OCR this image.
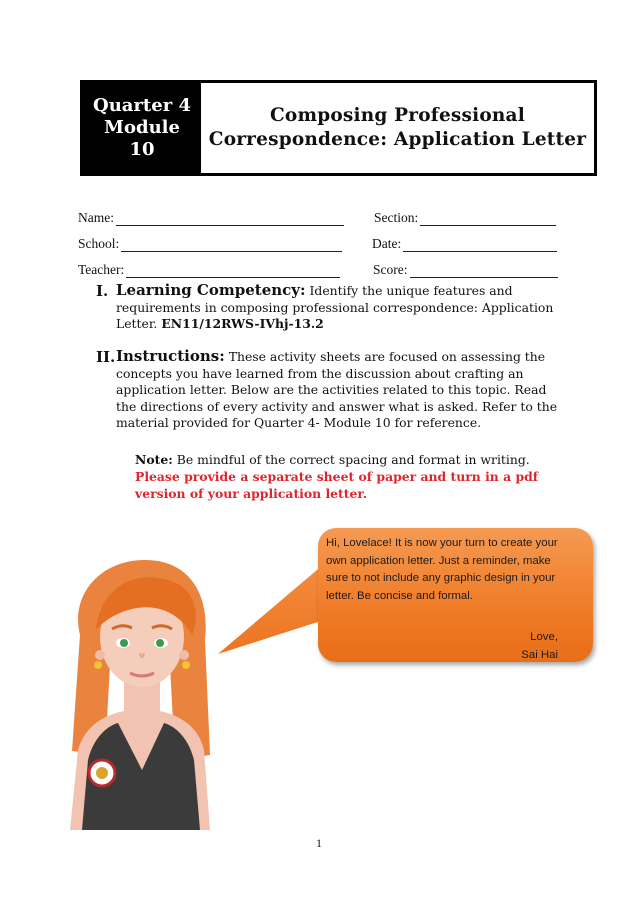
Quarter 4
Module
10
Composing Professional
Correspondence: Application Letter
Name:	Section:
School:	Date:
Teacher:	Score:
I. Learning Competency: Identify the unique features and requirements in composing professional correspondence: Application Letter. EN11/12RWS-IVhj-13.2
II. Instructions: These activity sheets are focused on assessing the concepts you have learned from the discussion about crafting an application letter. Below are the activities related to this topic. Read the directions of every activity and answer what is asked. Refer to the material provided for Quarter 4- Module 10 for reference.
Note: Be mindful of the correct spacing and format in writing.
Please provide a separate sheet of paper and turn in a pdf version of your application letter.
Hi, Lovelace! It is now your turn to create your own application letter. Just a reminder, make sure to not include any graphic design in your letter. Be concise and formal.
Love,
Sai Hai
1
